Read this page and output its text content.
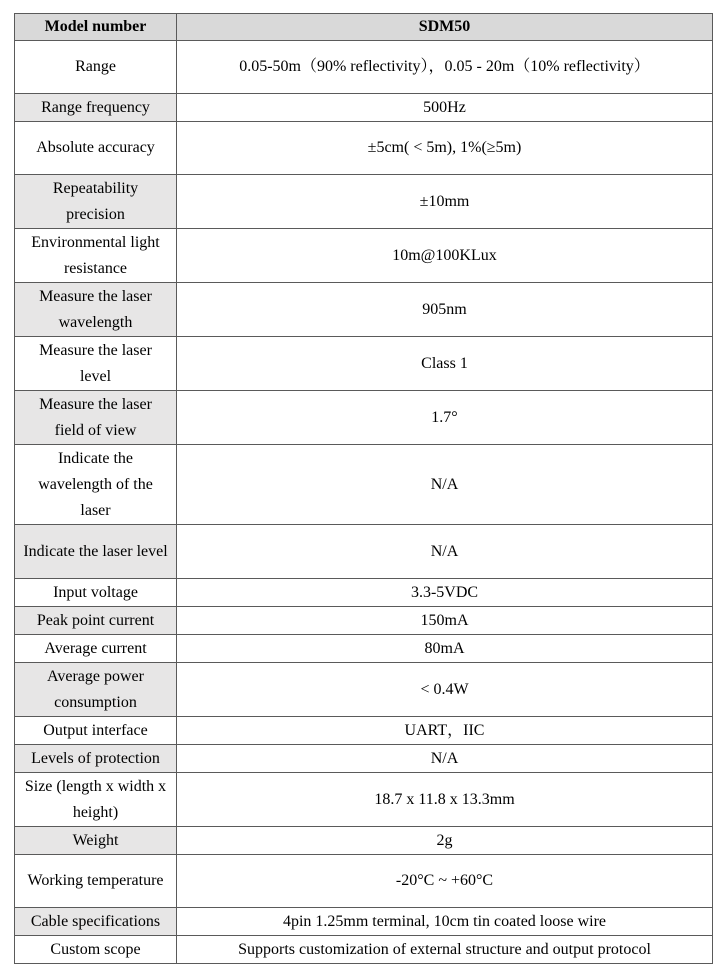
Model number	SDM50
Range	0.05-50m（90% reflectivity），0.05 - 20m（10% reflectivity）
Range frequency	500Hz
Absolute accuracy	±5cm( < 5m), 1%(≥5m)
Repeatability precision	±10mm
Environmental light resistance	10m@100KLux
Measure the laser wavelength	905nm
Measure the laser level	Class 1
Measure the laser field of view	1.7°
Indicate the wavelength of the laser	N/A
Indicate the laser level	N/A
Input voltage	3.3-5VDC
Peak point current	150mA
Average current	80mA
Average power consumption	< 0.4W
Output interface	UART，IIC
Levels of protection	N/A
Size (length x width x height)	18.7 x 11.8 x 13.3mm
Weight	2g
Working temperature	-20°C ~ +60°C
Cable specifications	4pin 1.25mm terminal, 10cm tin coated loose wire
Custom scope	Supports customization of external structure and output protocol
